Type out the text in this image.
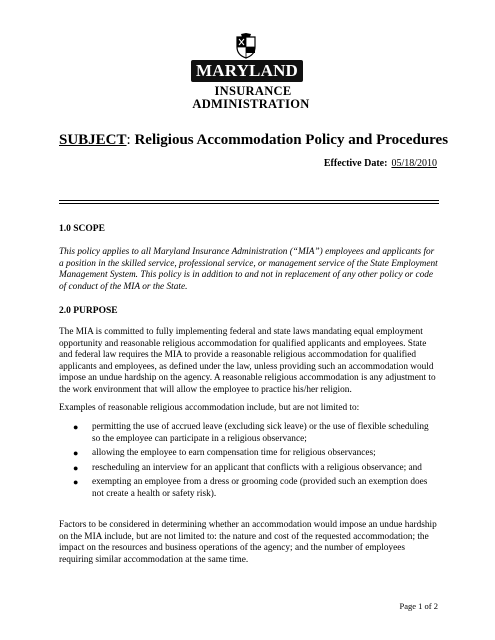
MARYLAND
INSURANCE
ADMINISTRATION
SUBJECT: Religious Accommodation Policy and Procedures
Effective Date: 05/18/2010
1.0 SCOPE
This policy applies to all Maryland Insurance Administration (“MIA”) employees and applicants for a position in the skilled service, professional service, or management service of the State Employment Management System. This policy is in addition to and not in replacement of any other policy or code of conduct of the MIA or the State.
2.0 PURPOSE
The MIA is committed to fully implementing federal and state laws mandating equal employment opportunity and reasonable religious accommodation for qualified applicants and employees. State and federal law requires the MIA to provide a reasonable religious accommodation for qualified applicants and employees, as defined under the law, unless providing such an accommodation would impose an undue hardship on the agency. A reasonable religious accommodation is any adjustment to the work environment that will allow the employee to practice his/her religion.
Examples of reasonable religious accommodation include, but are not limited to:
● permitting the use of accrued leave (excluding sick leave) or the use of flexible scheduling so the employee can participate in a religious observance;
● allowing the employee to earn compensation time for religious observances;
● rescheduling an interview for an applicant that conflicts with a religious observance; and
● exempting an employee from a dress or grooming code (provided such an exemption does not create a health or safety risk).
Factors to be considered in determining whether an accommodation would impose an undue hardship on the MIA include, but are not limited to: the nature and cost of the requested accommodation; the impact on the resources and business operations of the agency; and the number of employees requiring similar accommodation at the same time.
Page 1 of 2
